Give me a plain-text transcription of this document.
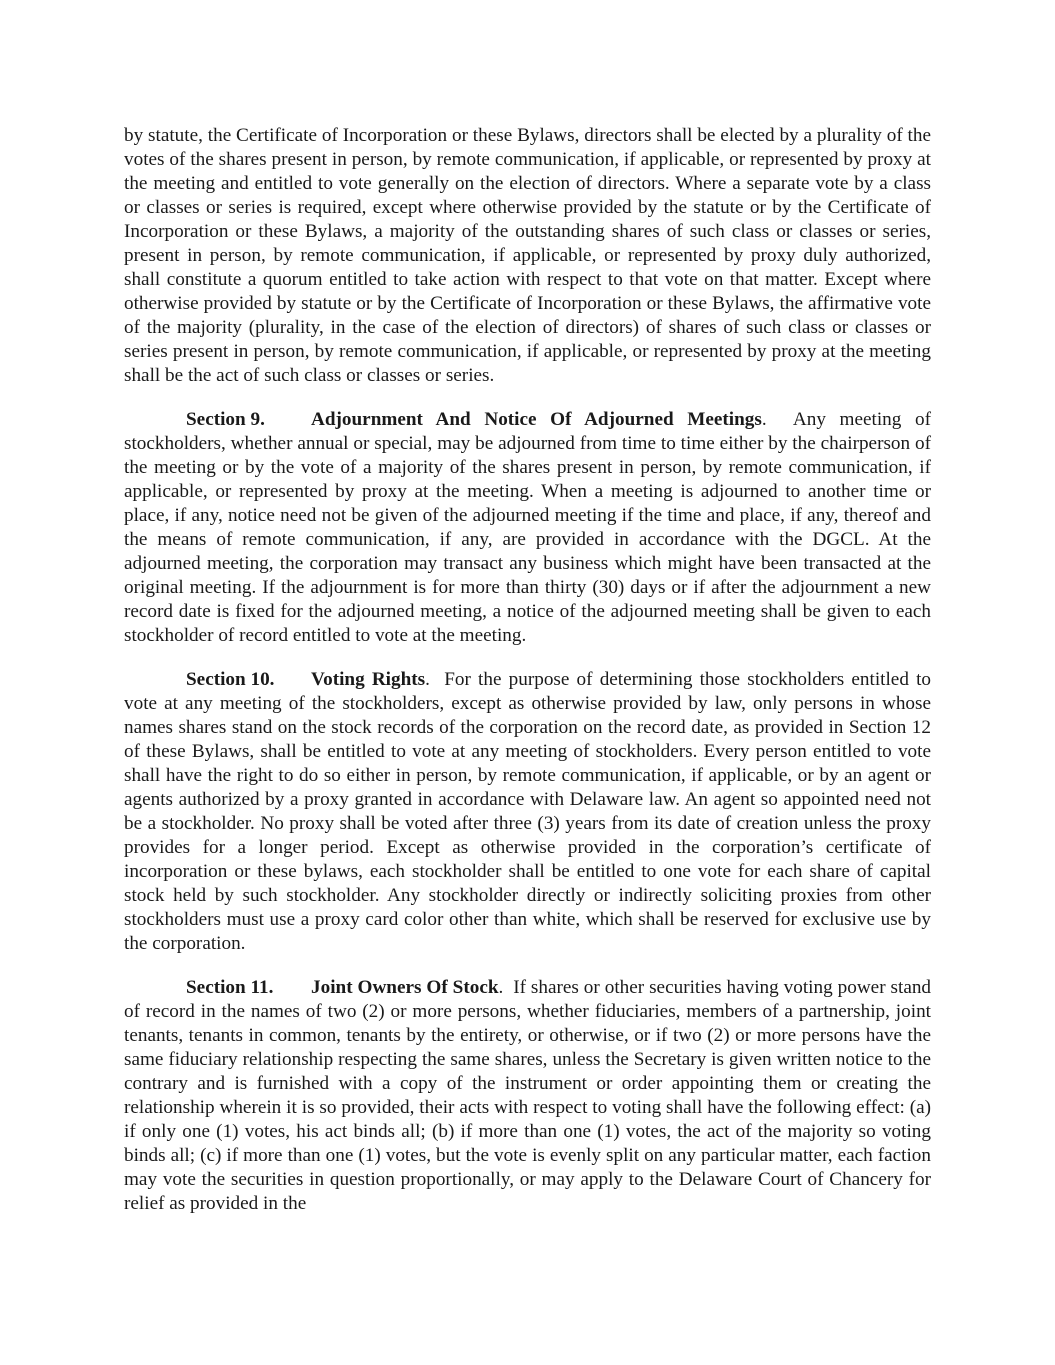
by statute, the Certificate of Incorporation or these Bylaws, directors shall be elected by a plurality of the votes of the shares present in person, by remote communication, if applicable, or represented by proxy at the meeting and entitled to vote generally on the election of directors. Where a separate vote by a class or classes or series is required, except where otherwise provided by the statute or by the Certificate of Incorporation or these Bylaws, a majority of the outstanding shares of such class or classes or series, present in person, by remote communication, if applicable, or represented by proxy duly authorized, shall constitute a quorum entitled to take action with respect to that vote on that matter. Except where otherwise provided by statute or by the Certificate of Incorporation or these Bylaws, the affirmative vote of the majority (plurality, in the case of the election of directors) of shares of such class or classes or series present in person, by remote communication, if applicable, or represented by proxy at the meeting shall be the act of such class or classes or series.

Section 9. Adjournment And Notice Of Adjourned Meetings. Any meeting of stockholders, whether annual or special, may be adjourned from time to time either by the chairperson of the meeting or by the vote of a majority of the shares present in person, by remote communication, if applicable, or represented by proxy at the meeting. When a meeting is adjourned to another time or place, if any, notice need not be given of the adjourned meeting if the time and place, if any, thereof and the means of remote communication, if any, are provided in accordance with the DGCL. At the adjourned meeting, the corporation may transact any business which might have been transacted at the original meeting. If the adjournment is for more than thirty (30) days or if after the adjournment a new record date is fixed for the adjourned meeting, a notice of the adjourned meeting shall be given to each stockholder of record entitled to vote at the meeting.

Section 10. Voting Rights. For the purpose of determining those stockholders entitled to vote at any meeting of the stockholders, except as otherwise provided by law, only persons in whose names shares stand on the stock records of the corporation on the record date, as provided in Section 12 of these Bylaws, shall be entitled to vote at any meeting of stockholders. Every person entitled to vote shall have the right to do so either in person, by remote communication, if applicable, or by an agent or agents authorized by a proxy granted in accordance with Delaware law. An agent so appointed need not be a stockholder. No proxy shall be voted after three (3) years from its date of creation unless the proxy provides for a longer period. Except as otherwise provided in the corporation’s certificate of incorporation or these bylaws, each stockholder shall be entitled to one vote for each share of capital stock held by such stockholder. Any stockholder directly or indirectly soliciting proxies from other stockholders must use a proxy card color other than white, which shall be reserved for exclusive use by the corporation.

Section 11. Joint Owners Of Stock. If shares or other securities having voting power stand of record in the names of two (2) or more persons, whether fiduciaries, members of a partnership, joint tenants, tenants in common, tenants by the entirety, or otherwise, or if two (2) or more persons have the same fiduciary relationship respecting the same shares, unless the Secretary is given written notice to the contrary and is furnished with a copy of the instrument or order appointing them or creating the relationship wherein it is so provided, their acts with respect to voting shall have the following effect: (a) if only one (1) votes, his act binds all; (b) if more than one (1) votes, the act of the majority so voting binds all; (c) if more than one (1) votes, but the vote is evenly split on any particular matter, each faction may vote the securities in question proportionally, or may apply to the Delaware Court of Chancery for relief as provided in the
